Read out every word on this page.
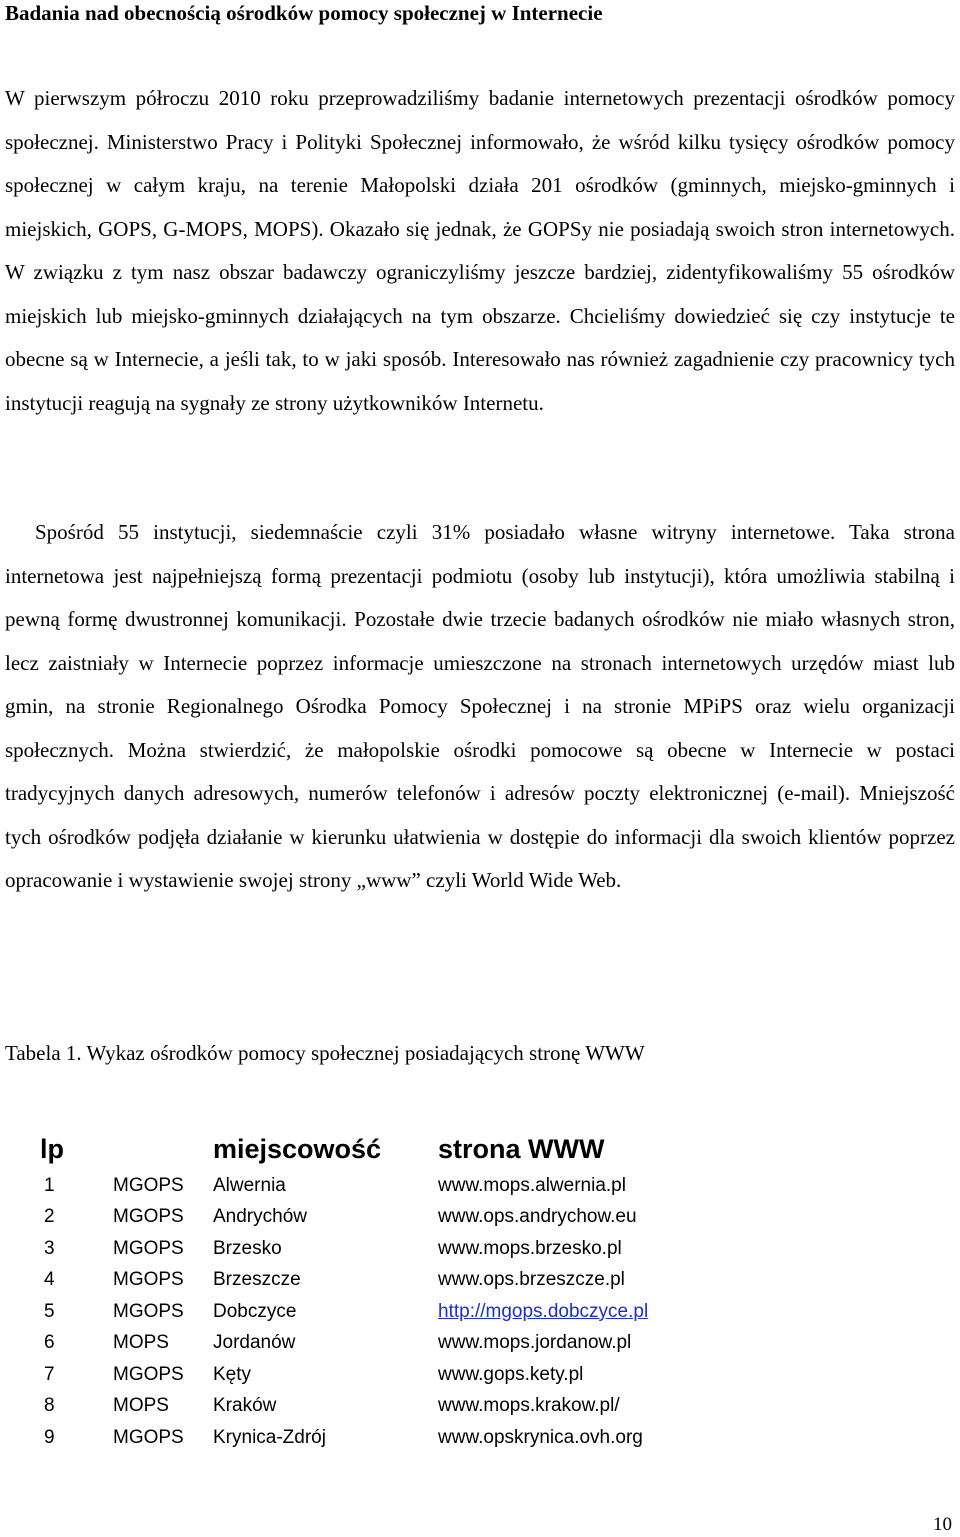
Badania nad obecnością ośrodków pomocy społecznej w Internecie

W pierwszym półroczu 2010 roku przeprowadziliśmy badanie internetowych prezentacji ośrodków pomocy społecznej. Ministerstwo Pracy i Polityki Społecznej informowało, że wśród kilku tysięcy ośrodków pomocy społecznej w całym kraju, na terenie Małopolski działa 201 ośrodków (gminnych, miejsko-gminnych i miejskich, GOPS, G-MOPS, MOPS). Okazało się jednak, że GOPSy nie posiadają swoich stron internetowych. W związku z tym nasz obszar badawczy ograniczyliśmy jeszcze bardziej, zidentyfikowaliśmy 55 ośrodków miejskich lub miejsko-gminnych działających na tym obszarze. Chcieliśmy dowiedzieć się czy instytucje te obecne są w Internecie, a jeśli tak, to w jaki sposób. Interesowało nas również zagadnienie czy pracownicy tych instytucji reagują na sygnały ze strony użytkowników Internetu.

Spośród 55 instytucji, siedemnaście czyli 31% posiadało własne witryny internetowe. Taka strona internetowa jest najpełniejszą formą prezentacji podmiotu (osoby lub instytucji), która umożliwia stabilną i pewną formę dwustronnej komunikacji. Pozostałe dwie trzecie badanych ośrodków nie miało własnych stron, lecz zaistniały w Internecie poprzez informacje umieszczone na stronach internetowych urzędów miast lub gmin, na stronie Regionalnego Ośrodka Pomocy Społecznej i na stronie MPiPS oraz wielu organizacji społecznych. Można stwierdzić, że małopolskie ośrodki pomocowe są obecne w Internecie w postaci tradycyjnych danych adresowych, numerów telefonów i adresów poczty elektronicznej (e-mail). Mniejszość tych ośrodków podjęła działanie w kierunku ułatwienia w dostępie do informacji dla swoich klientów poprzez opracowanie i wystawienie swojej strony „www” czyli World Wide Web.

Tabela 1. Wykaz ośrodków pomocy społecznej posiadających stronę WWW
lp		miejscowość	strona WWW
1	MGOPS	Alwernia	www.mops.alwernia.pl
2	MGOPS	Andrychów	www.ops.andrychow.eu
3	MGOPS	Brzesko	www.mops.brzesko.pl
4	MGOPS	Brzeszcze	www.ops.brzeszcze.pl
5	MGOPS	Dobczyce	http://mgops.dobczyce.pl
6	MOPS	Jordanów	www.mops.jordanow.pl
7	MGOPS	Kęty	www.gops.kety.pl
8	MOPS	Kraków	www.mops.krakow.pl/
9	MGOPS	Krynica-Zdrój	www.opskrynica.ovh.org
10
